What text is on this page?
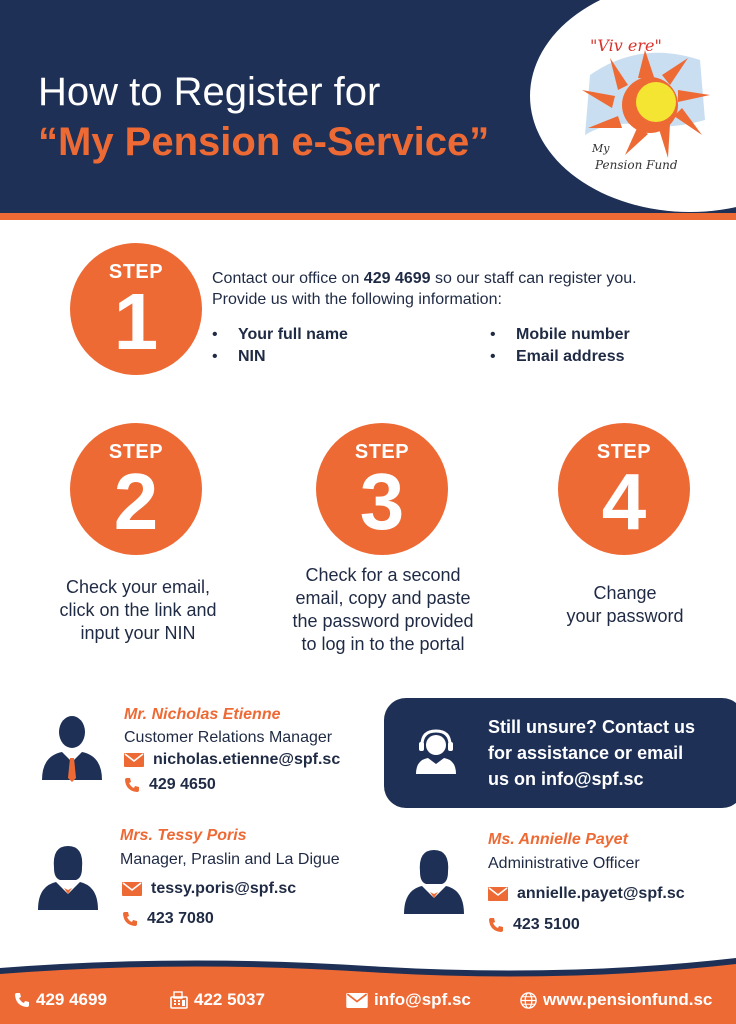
How to Register for
“My Pension e-Service”
"Viv ere"
My
Pension Fund
STEP
1	Contact our office on 429 4699 so our staff can register you.
Provide us with the following information:
• Your full name
• NIN
• Mobile number
• Email address
STEP
2
Check your email,
click on the link and
input your NIN
STEP
3
Check for a second
email, copy and paste
the password provided
to log in to the portal
STEP
4
Change
your password
Mr. Nicholas Etienne
Customer Relations Manager
nicholas.etienne@spf.sc
429 4650
Still unsure? Contact us
for assistance or email
us on info@spf.sc
Mrs. Tessy Poris
Manager, Praslin and La Digue
tessy.poris@spf.sc
423 7080
Ms. Annielle Payet
Administrative Officer
annielle.payet@spf.sc
423 5100
429 4699	422 5037	info@spf.sc	www.pensionfund.sc
